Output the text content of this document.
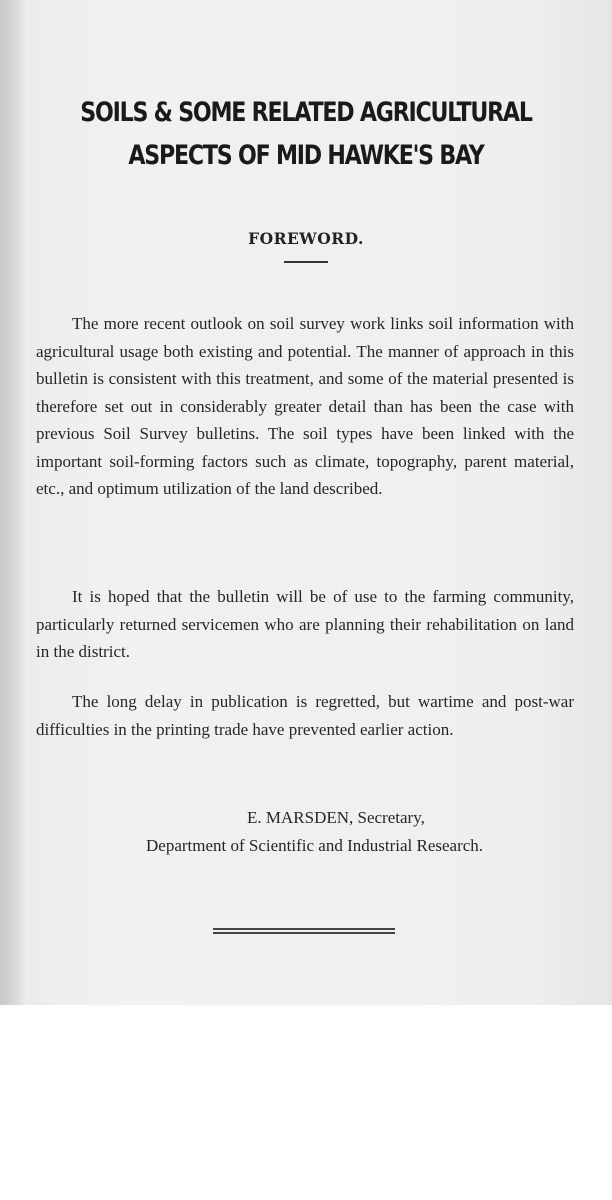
SOILS & SOME RELATED AGRICULTURAL
ASPECTS OF MID HAWKE'S BAY
FOREWORD.

The more recent outlook on soil survey work links soil information with agricultural usage both existing and potential. The manner of approach in this bulletin is consistent with this treatment, and some of the material presented is therefore set out in considerably greater detail than has been the case with previous Soil Survey bulletins. The soil types have been linked with the important soil-forming factors such as climate, topography, parent material, etc., and optimum utilization of the land described.

It is hoped that the bulletin will be of use to the farming community, particularly returned servicemen who are planning their rehabilitation on land in the district.

The long delay in publication is regretted, but wartime and post-war difficulties in the printing trade have prevented earlier action.

E. MARSDEN, Secretary,
Department of Scientific and Industrial Research.
